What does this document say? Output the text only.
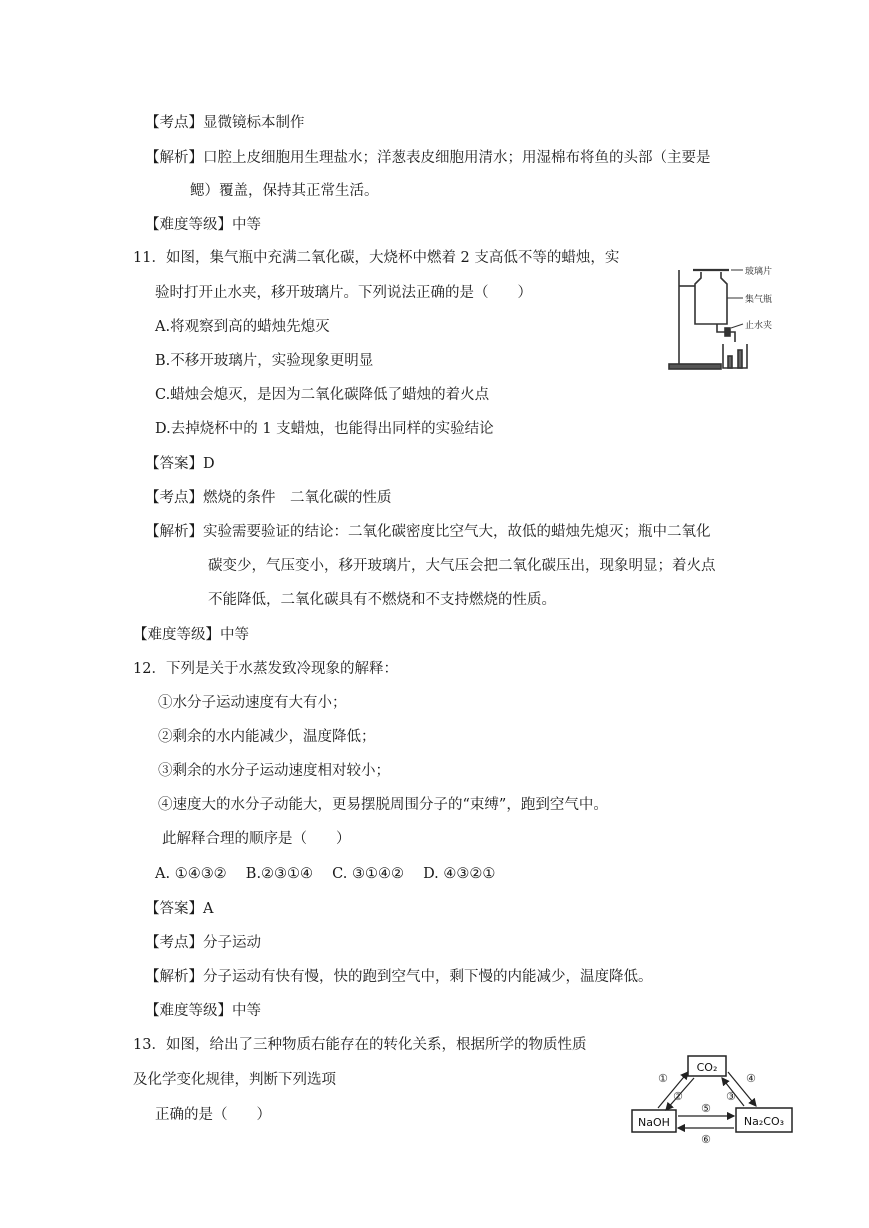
【考点】显微镜标本制作
【解析】口腔上皮细胞用生理盐水；洋葱表皮细胞用清水；用湿棉布将鱼的头部（主要是
鳃）覆盖，保持其正常生活。
【难度等级】中等
11．如图，集气瓶中充满二氧化碳，大烧杯中燃着 2 支高低不等的蜡烛，实
验时打开止水夹，移开玻璃片。下列说法正确的是（　　）
A.将观察到高的蜡烛先熄灭
B.不移开玻璃片，实验现象更明显
C.蜡烛会熄灭，是因为二氧化碳降低了蜡烛的着火点
D.去掉烧杯中的 1 支蜡烛，也能得出同样的实验结论
【答案】D
【考点】燃烧的条件　二氧化碳的性质
【解析】实验需要验证的结论：二氧化碳密度比空气大，故低的蜡烛先熄灭；瓶中二氧化
碳变少，气压变小，移开玻璃片，大气压会把二氧化碳压出，现象明显；着火点
不能降低，二氧化碳具有不燃烧和不支持燃烧的性质。
【难度等级】中等
玻璃片
集气瓶
止水夹
12．下列是关于水蒸发致冷现象的解释：
①水分子运动速度有大有小；
②剩余的水内能减少，温度降低；
③剩余的水分子运动速度相对较小；
④速度大的水分子动能大，更易摆脱周围分子的“束缚”，跑到空气中。
此解释合理的顺序是（　　）
A. ①④③②　 B.②③①④　 C. ③①④②　 D. ④③②①
【答案】A
【考点】分子运动
【解析】分子运动有快有慢，快的跑到空气中，剩下慢的内能减少，温度降低。
【难度等级】中等
13．如图，给出了三种物质右能存在的转化关系，根据所学的物质性质
及化学变化规律，判断下列选项
正确的是（　　）
CO₂
NaOH	Na₂CO₃
①
②	③
④
⑤
⑥
